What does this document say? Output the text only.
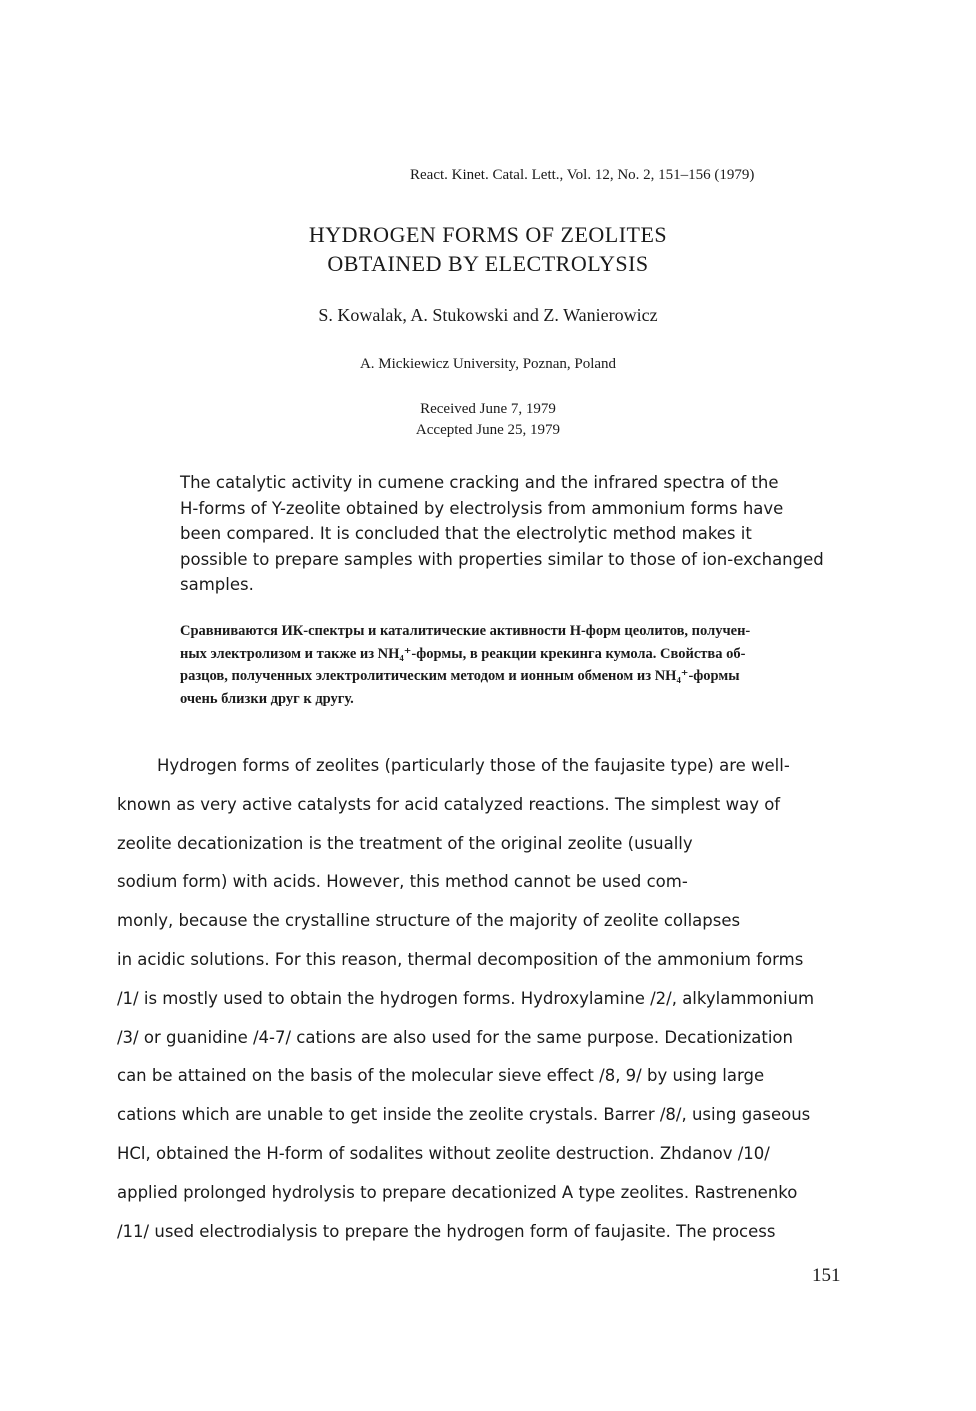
React. Kinet. Catal. Lett., Vol. 12, No. 2, 151–156 (1979)
HYDROGEN FORMS OF ZEOLITES
OBTAINED BY ELECTROLYSIS
S. Kowalak, A. Stukowski and Z. Wanierowicz
A. Mickiewicz University, Poznan, Poland
Received June 7, 1979
Accepted June 25, 1979
The catalytic activity in cumene cracking and the infrared spectra of the
H-forms of Y-zeolite obtained by electrolysis from ammonium forms have
been compared. It is concluded that the electrolytic method makes it
possible to prepare samples with properties similar to those of ion-exchanged
samples.
Сравниваются ИК-спектры и каталитические активности Н-форм цеолитов, получен-
ных электролизом и также из NH₄⁺-формы, в реакции крекинга кумола. Свойства об-
разцов, полученных электролитическим методом и ионным обменом из NH₄⁺-формы
очень близки друг к другу.
Hydrogen forms of zeolites (particularly those of the faujasite type) are well-
known as very active catalysts for acid catalyzed reactions. The simplest way of
zeolite decationization is the treatment of the original zeolite (usually
sodium form) with acids. However, this method cannot be used com-
monly, because the crystalline structure of the majority of zeolite collapses
in acidic solutions. For this reason, thermal decomposition of the ammonium forms
/1/ is mostly used to obtain the hydrogen forms. Hydroxylamine /2/, alkylammonium
/3/ or guanidine /4-7/ cations are also used for the same purpose. Decationization
can be attained on the basis of the molecular sieve effect /8, 9/ by using large
cations which are unable to get inside the zeolite crystals. Barrer /8/, using gaseous
HCl, obtained the H-form of sodalites without zeolite destruction. Zhdanov /10/
applied prolonged hydrolysis to prepare decationized A type zeolites. Rastrenenko
/11/ used electrodialysis to prepare the hydrogen form of faujasite. The process
151
